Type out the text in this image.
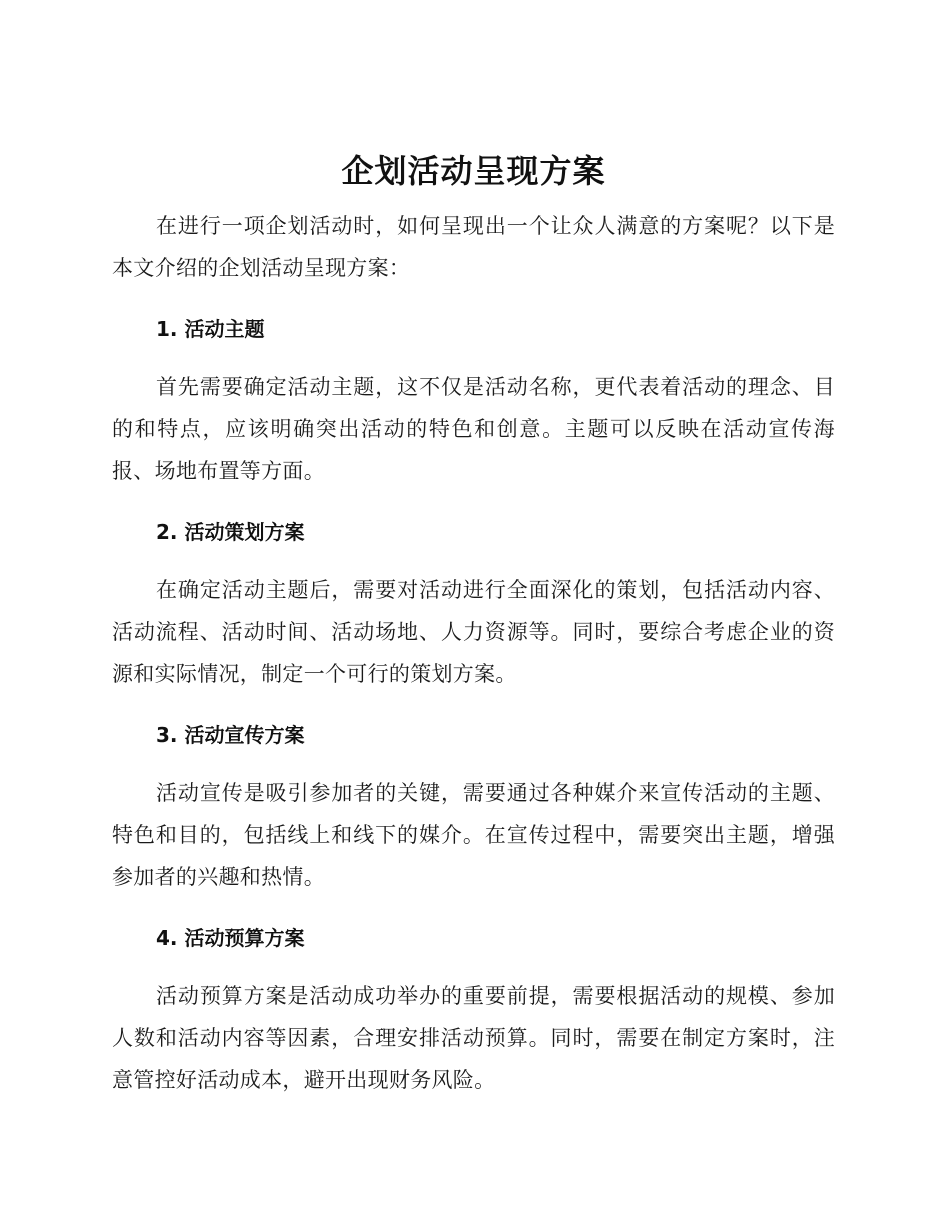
企划活动呈现方案

在进行一项企划活动时，如何呈现出一个让众人满意的方案呢？以下是本文介绍的企划活动呈现方案：

1. 活动主题

首先需要确定活动主题，这不仅是活动名称，更代表着活动的理念、目的和特点，应该明确突出活动的特色和创意。主题可以反映在活动宣传海报、场地布置等方面。

2. 活动策划方案

在确定活动主题后，需要对活动进行全面深化的策划，包括活动内容、活动流程、活动时间、活动场地、人力资源等。同时，要综合考虑企业的资源和实际情况，制定一个可行的策划方案。

3. 活动宣传方案

活动宣传是吸引参加者的关键，需要通过各种媒介来宣传活动的主题、特色和目的，包括线上和线下的媒介。在宣传过程中，需要突出主题，增强参加者的兴趣和热情。

4. 活动预算方案

活动预算方案是活动成功举办的重要前提，需要根据活动的规模、参加人数和活动内容等因素，合理安排活动预算。同时，需要在制定方案时，注意管控好活动成本，避开出现财务风险。
